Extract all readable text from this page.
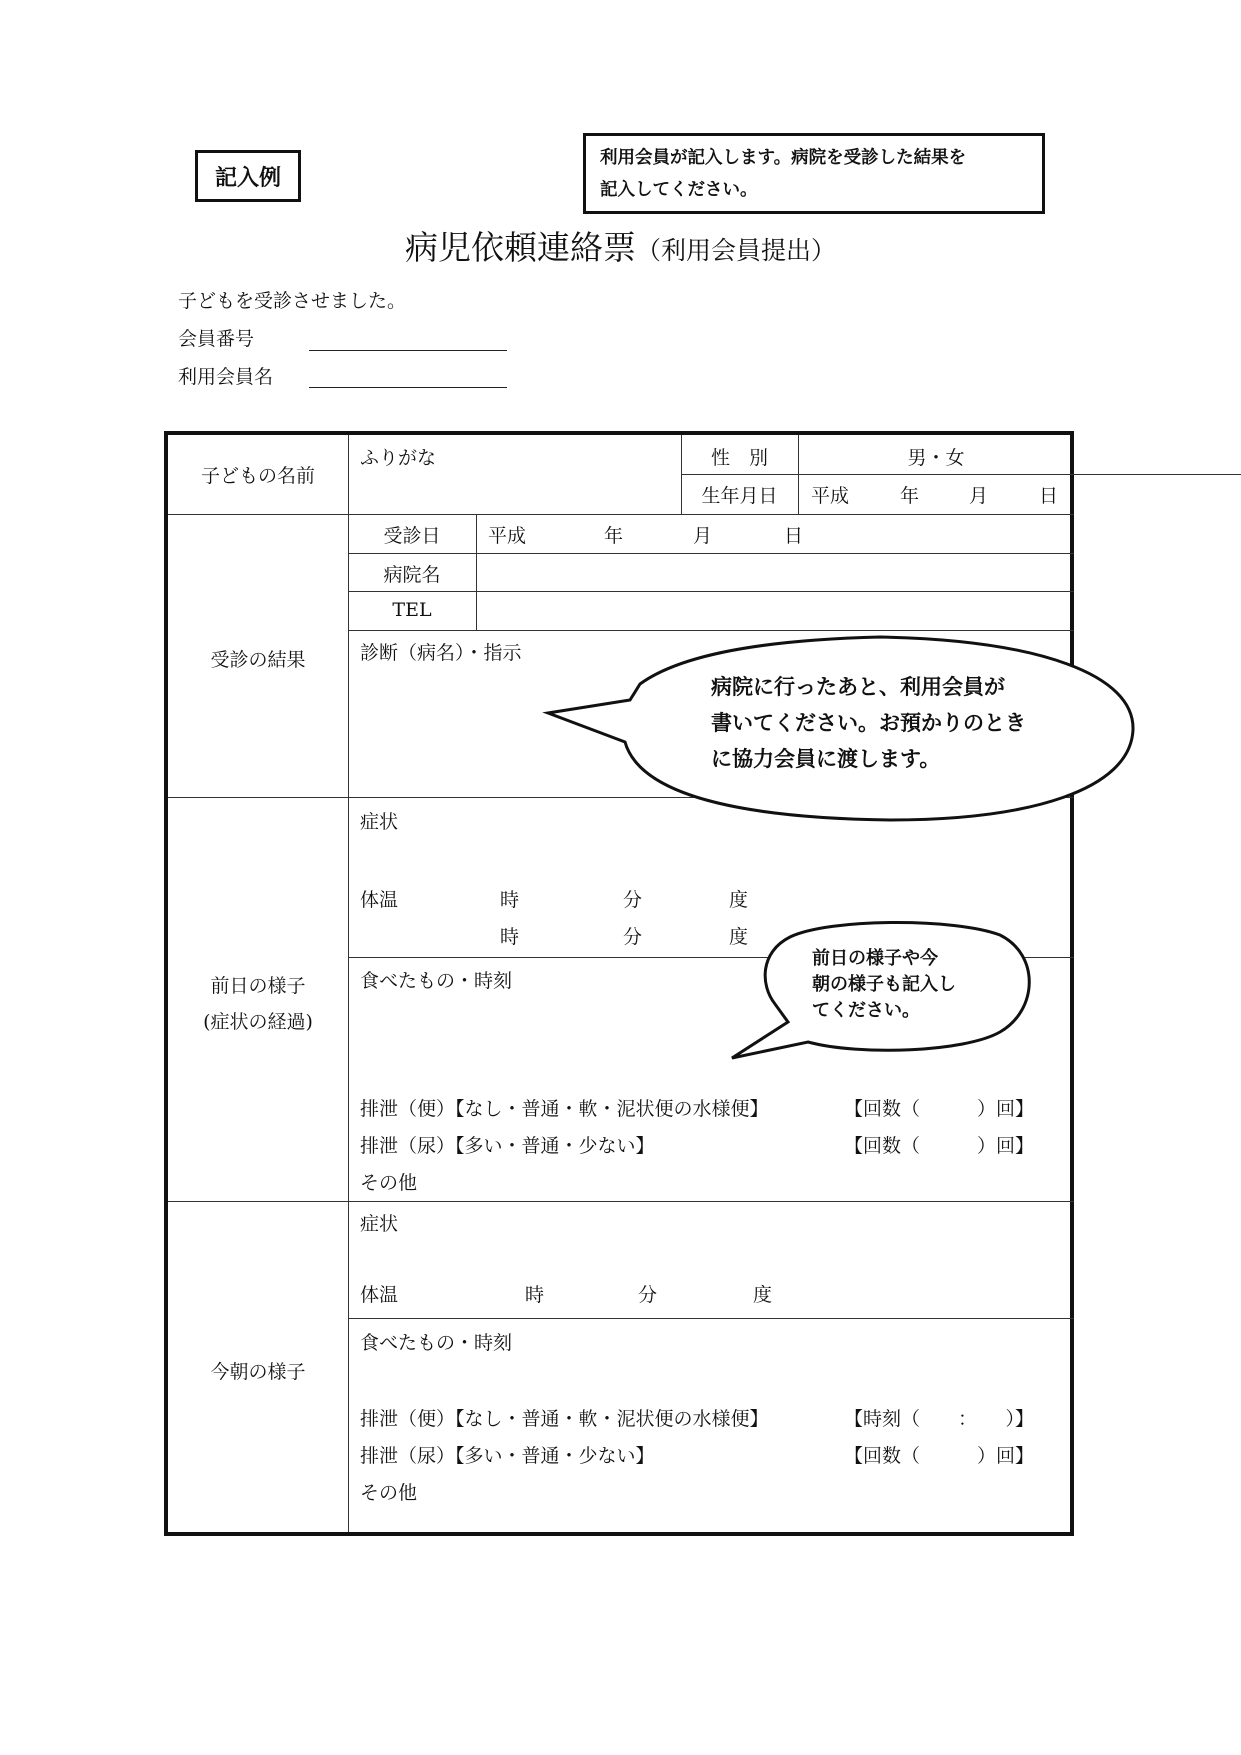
記入例
利用会員が記入します。病院を受診した結果を
記入してください。
病児依頼連絡票（利用会員提出）
子どもを受診させました。
会員番号
利用会員名
子どもの名前
ふりがな	性　別	男・女
生年月日	平成	年	月	日
受診の結果
受診日	平成	年	月	日
病院名
TEL
診断（病名）・指示
前日の様子
(症状の経過)
症状
体温	時	分	度
時	分	度
食べたもの・時刻
排泄（便）【なし・普通・軟・泥状便の水様便】	【回数（　　　）回】
排泄（尿）【多い・普通・少ない】	【回数（　　　）回】
その他
今朝の様子
症状
体温	時	分	度
食べたもの・時刻
排泄（便）【なし・普通・軟・泥状便の水様便】	【時刻（　　：　　）】
排泄（尿）【多い・普通・少ない】	【回数（　　　）回】
その他
病院に行ったあと、利用会員が
書いてください。お預かりのとき
に協力会員に渡します。
前日の様子や今
朝の様子も記入し
てください。
